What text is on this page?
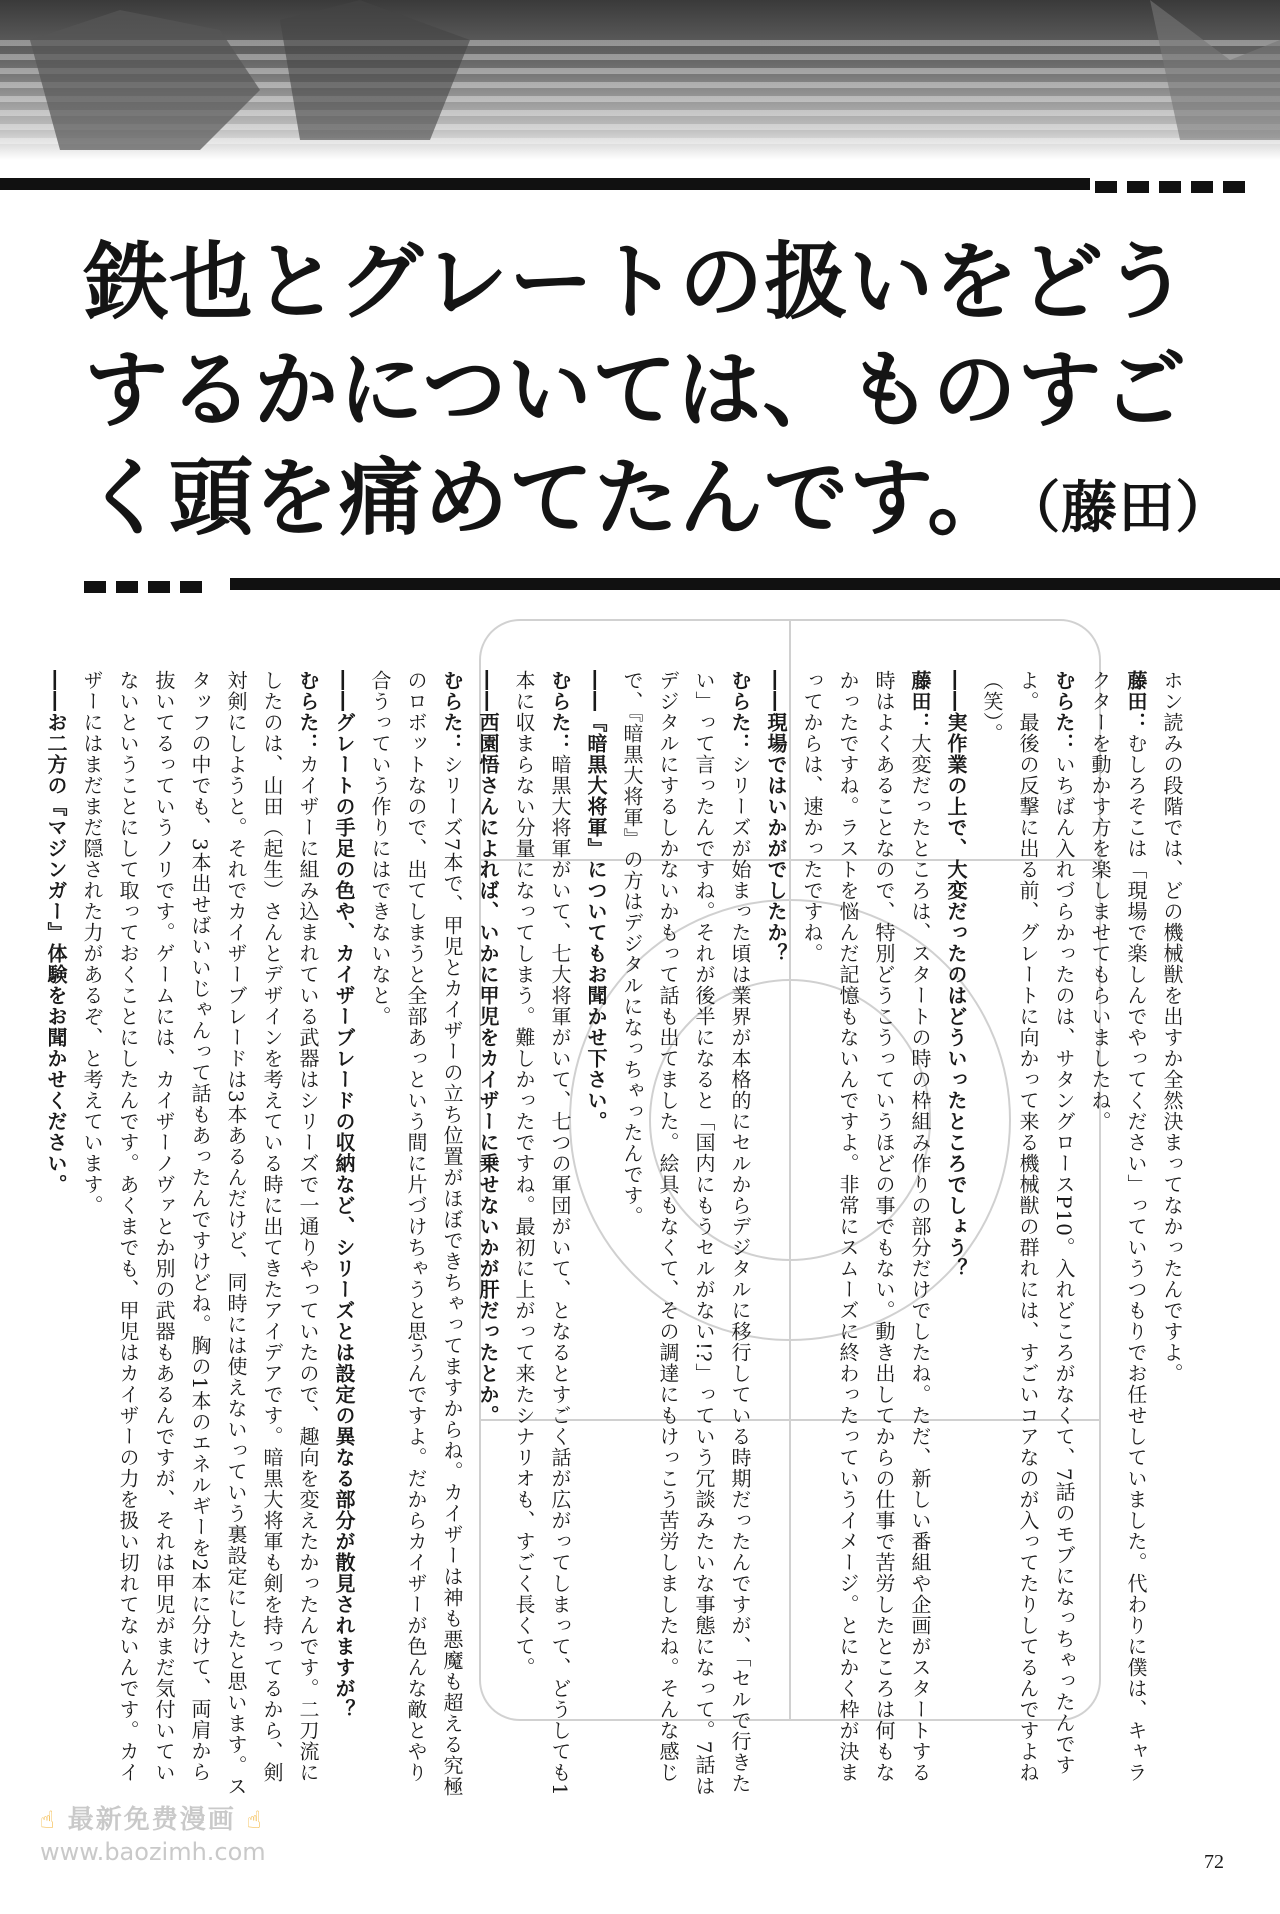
鉄也とグレートの扱いをどう
するかについては、ものすご
く頭を痛めてたんです。 （藤田）

ホン読みの段階では、どの機械獣を出すか全然決まってなかったんですよ。

藤田：むしろそこは「現場で楽しんでやってください」っていうつもりでお任せしていました。代わりに僕は、キャラクターを動かす方を楽しませてもらいましたね。

むらた：いちばん入れづらかったのは、サタングロースP10。入れどころがなくて、7話のモブになっちゃったんですよ。最後の反撃に出る前、グレートに向かって来る機械獣の群れには、すごいコアなのが入ってたりしてるんですよね（笑）。

――実作業の上で、大変だったのはどういったところでしょう？

藤田：大変だったところは、スタートの時の枠組み作りの部分だけでしたね。ただ、新しい番組や企画がスタートする時はよくあることなので、特別どうこうっていうほどの事でもない。動き出してからの仕事で苦労したところは何もなかったですね。ラストを悩んだ記憶もないんですよ。非常にスムーズに終わったっていうイメージ。とにかく枠が決まってからは、速かったですね。

――現場ではいかがでしたか？

むらた：シリーズが始まった頃は業界が本格的にセルからデジタルに移行している時期だったんですが、「セルで行きたい」って言ったんですね。それが後半になると「国内にもうセルがない!?」っていう冗談みたいな事態になって。7話はデジタルにするしかないかもって話も出てました。絵具もなくて、その調達にもけっこう苦労しましたね。そんな感じで、『暗黒大将軍』の方はデジタルになっちゃったんです。

――『暗黒大将軍』についてもお聞かせ下さい。

むらた：暗黒大将軍がいて、七大将軍がいて、七つの軍団がいて、となるとすごく話が広がってしまって、どうしても1本に収まらない分量になってしまう。難しかったですね。最初に上がって来たシナリオも、すごく長くて。

――西園悟さんによれば、いかに甲児をカイザーに乗せないかが肝だったとか。

むらた：シリーズ7本で、甲児とカイザーの立ち位置がほぼできちゃってますからね。カイザーは神も悪魔も超える究極のロボットなので、出てしまうと全部あっという間に片づけちゃうと思うんですよ。だからカイザーが色んな敵とやり合うっていう作りにはできないなと。

――グレートの手足の色や、カイザーブレードの収納など、シリーズとは設定の異なる部分が散見されますが？

むらた：カイザーに組み込まれている武器はシリーズで一通りやっていたので、趣向を変えたかったんです。二刀流にしたのは、山田（起生）さんとデザインを考えている時に出てきたアイデアです。暗黒大将軍も剣を持ってるから、剣対剣にしようと。それでカイザーブレードは3本あるんだけど、同時には使えないっていう裏設定にしたと思います。スタッフの中でも、3本出せばいいじゃんって話もあったんですけどね。胸の1本のエネルギーを2本に分けて、両肩から抜いてるっていうノリです。ゲームには、カイザーノヴァとか別の武器もあるんですが、それは甲児がまだ気付いていないということにして取っておくことにしたんです。あくまでも、甲児はカイザーの力を扱い切れてないんです。カイザーにはまだまだ隠された力があるぞ、と考えています。

――お二方の『マジンガー』体験をお聞かせください。

☝ 最新免费漫画 ☝
www.baozimh.com	72
